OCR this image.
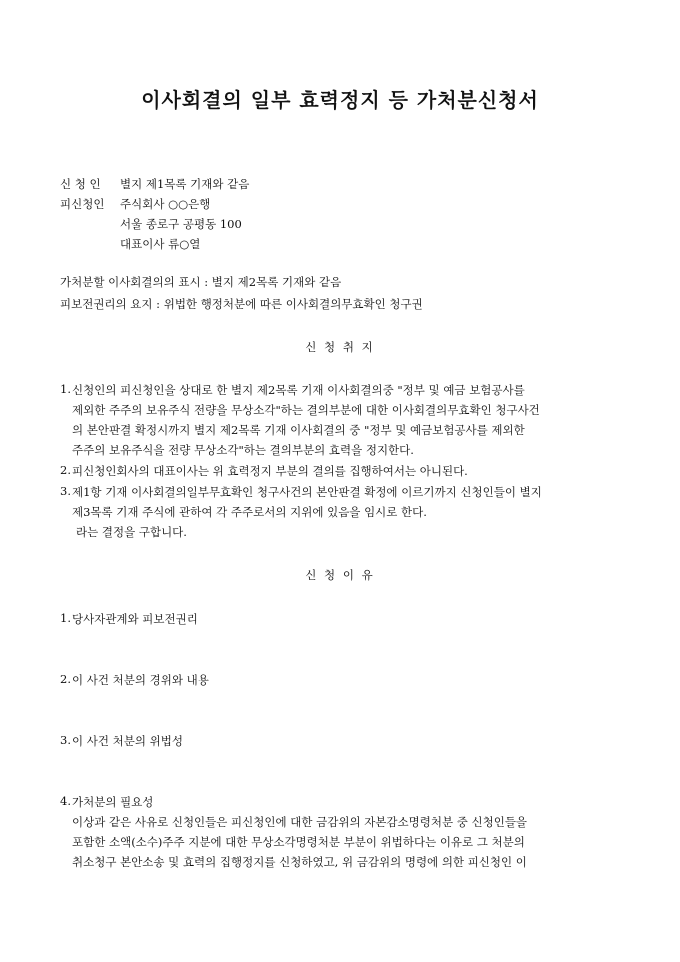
이사회결의 일부 효력정지 등 가처분신청서
신 청 인 별지 제1목록 기재와 같음
피신청인 주식회사 ○○은행
서울 종로구 공평동 100
대표이사 류○열
가처분할 이사회결의의 표시 : 별지 제2목록 기재와 같음
피보전권리의 요지 : 위법한 행정처분에 따른 이사회결의무효확인 청구권
신 청 취 지
1. 신청인의 피신청인을 상대로 한 별지 제2목록 기재 이사회결의중 "정부 및 예금 보험공사를
제외한 주주의 보유주식 전량을 무상소각"하는 결의부분에 대한 이사회결의무효확인 청구사건
의 본안판결 확정시까지 별지 제2목록 기재 이사회결의 중 "정부 및 예금보험공사를 제외한
주주의 보유주식을 전량 무상소각"하는 결의부분의 효력을 정지한다.
2. 피신청인회사의 대표이사는 위 효력정지 부분의 결의를 집행하여서는 아니된다.
3. 제1항 기재 이사회결의일부무효확인 청구사건의 본안판결 확정에 이르기까지 신청인들이 별지
제3목록 기재 주식에 관하여 각 주주로서의 지위에 있음을 임시로 한다.
라는 결정을 구합니다.
신 청 이 유
1. 당사자관계와 피보전권리
2. 이 사건 처분의 경위와 내용
3. 이 사건 처분의 위법성
4. 가처분의 필요성
이상과 같은 사유로 신청인들은 피신청인에 대한 금감위의 자본감소명령처분 중 신청인들을
포함한 소액(소수)주주 지분에 대한 무상소각명령처분 부분이 위법하다는 이유로 그 처분의
취소청구 본안소송 및 효력의 집행정지를 신청하였고, 위 금감위의 명령에 의한 피신청인 이
